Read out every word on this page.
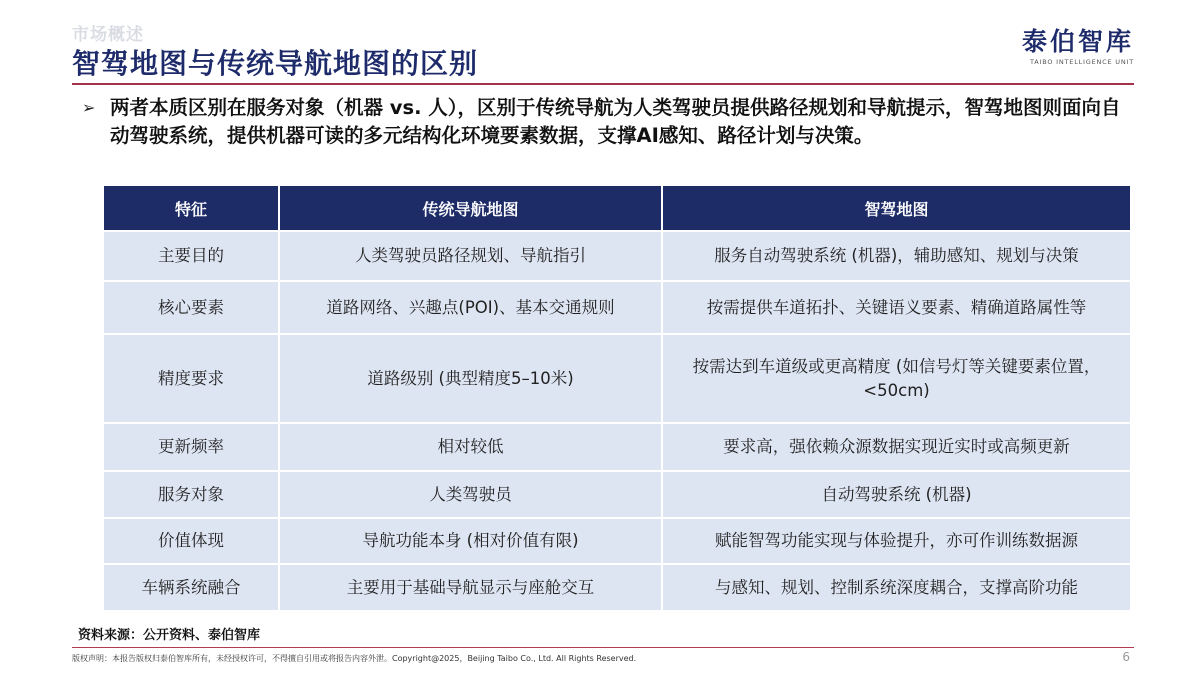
市场概述
智驾地图与传统导航地图的区别
泰伯智库
TAIBO INTELLIGENCE UNIT
➢ 两者本质区别在服务对象（机器 vs. 人），区别于传统导航为人类驾驶员提供路径规划和导航提示，智驾地图则面向自动驾驶系统，提供机器可读的多元结构化环境要素数据，支撑AI感知、路径计划与决策。
特征	传统导航地图	智驾地图
主要目的	人类驾驶员路径规划、导航指引	服务自动驾驶系统 (机器)，辅助感知、规划与决策
核心要素	道路网络、兴趣点(POI)、基本交通规则	按需提供车道拓扑、关键语义要素、精确道路属性等
精度要求	道路级别 (典型精度5–10米)	按需达到车道级或更高精度 (如信号灯等关键要素位置，<50cm)
更新频率	相对较低	要求高，强依赖众源数据实现近实时或高频更新
服务对象	人类驾驶员	自动驾驶系统 (机器)
价值体现	导航功能本身 (相对价值有限)	赋能智驾功能实现与体验提升，亦可作训练数据源
车辆系统融合	主要用于基础导航显示与座舱交互	与感知、规划、控制系统深度耦合，支撑高阶功能
资料来源：公开资料、泰伯智库
版权声明：本报告版权归泰伯智库所有，未经授权许可，不得擅自引用或将报告内容外泄。Copyright@2025，Beijing Taibo Co., Ltd. All Rights Reserved.	6
